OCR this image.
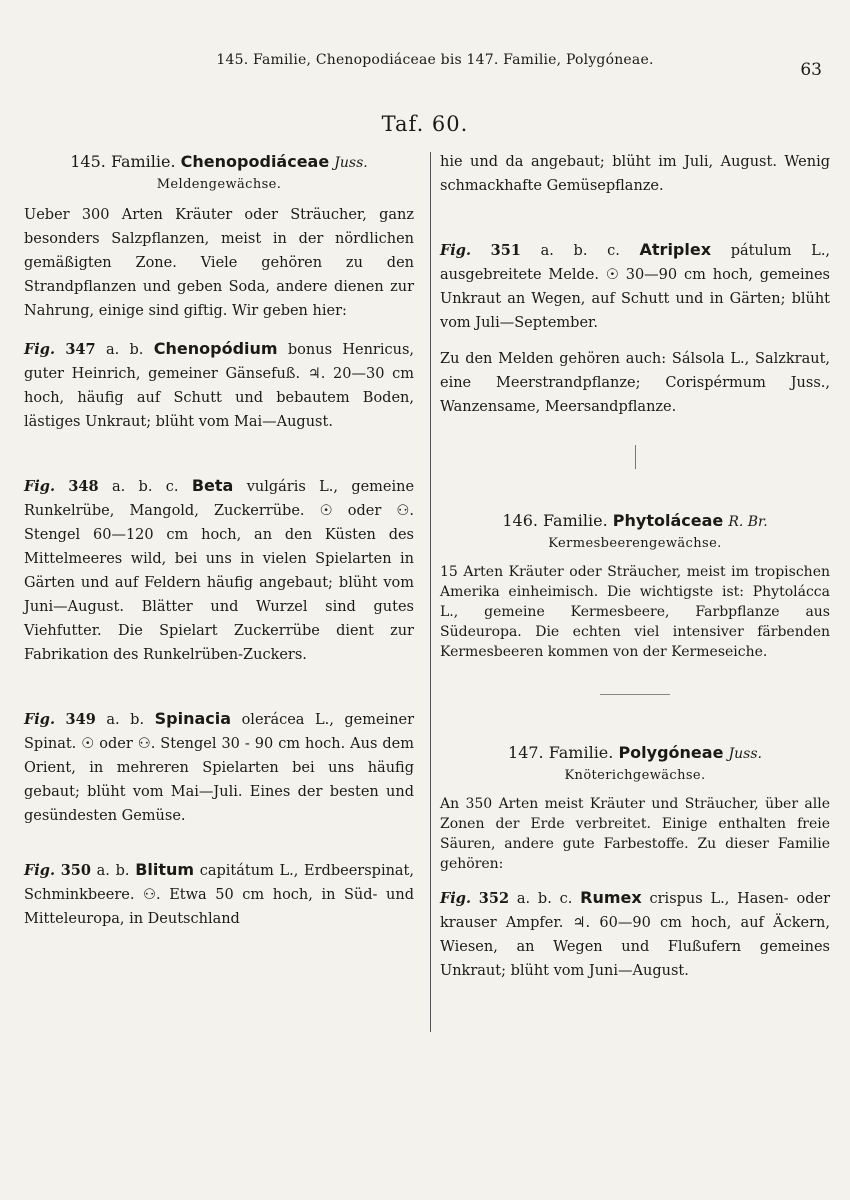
145. Familie, Chenopodiáceae bis 147. Familie, Polygóneae.	63
Taf. 60.

145. Familie. Chenopodiáceae Juss.

Meldengewächse.

Ueber 300 Arten Kräuter oder Sträucher, ganz besonders Salzpflanzen, meist in der nördlichen gemäßigten Zone. Viele gehören zu den Strandpflanzen und geben Soda, andere dienen zur Nahrung, einige sind giftig. Wir geben hier:

Fig. 347 a. b. Chenopódium bonus Henricus, guter Heinrich, gemeiner Gänsefuß. ♃. 20—30 cm hoch, häufig auf Schutt und bebautem Boden, lästiges Unkraut; blüht vom Mai—August.

Fig. 348 a. b. c. Beta vulgáris L., gemeine Runkelrübe, Mangold, Zuckerrübe. ☉ oder ⚇. Stengel 60—120 cm hoch, an den Küsten des Mittelmeeres wild, bei uns in vielen Spielarten in Gärten und auf Feldern häufig angebaut; blüht vom Juni—August. Blätter und Wurzel sind gutes Viehfutter. Die Spielart Zuckerrübe dient zur Fabrikation des Runkelrüben-Zuckers.

Fig. 349 a. b. Spinacia olerácea L., gemeiner Spinat. ☉ oder ⚇. Stengel 30 - 90 cm hoch. Aus dem Orient, in mehreren Spielarten bei uns häufig gebaut; blüht vom Mai—Juli. Eines der besten und gesündesten Gemüse.

Fig. 350 a. b. Blitum capitátum L., Erdbeerspinat, Schminkbeere. ⚇. Etwa 50 cm hoch, in Süd- und Mitteleuropa, in Deutschland

hie und da angebaut; blüht im Juli, August. Wenig schmackhafte Gemüsepflanze.

Fig. 351 a. b. c. Atriplex pátulum L., ausgebreitete Melde. ☉ 30—90 cm hoch, gemeines Unkraut an Wegen, auf Schutt und in Gärten; blüht vom Juli—September.

Zu den Melden gehören auch: Sálsola L., Salzkraut, eine Meerstrandpflanze; Corispérmum Juss., Wanzensame, Meersandpflanze.

146. Familie. Phytoláceae R. Br.

Kermesbeerengewächse.

15 Arten Kräuter oder Sträucher, meist im tropischen Amerika einheimisch. Die wichtigste ist: Phytolácca L., gemeine Kermesbeere, Farbpflanze aus Südeuropa. Die echten viel intensiver färbenden Kermesbeeren kommen von der Kermeseiche.

147. Familie. Polygóneae Juss.

Knöterichgewächse.

An 350 Arten meist Kräuter und Sträucher, über alle Zonen der Erde verbreitet. Einige enthalten freie Säuren, andere gute Farbestoffe. Zu dieser Familie gehören:

Fig. 352 a. b. c. Rumex crispus L., Hasen- oder krauser Ampfer. ♃. 60—90 cm hoch, auf Äckern, Wiesen, an Wegen und Flußufern gemeines Unkraut; blüht vom Juni—August.
